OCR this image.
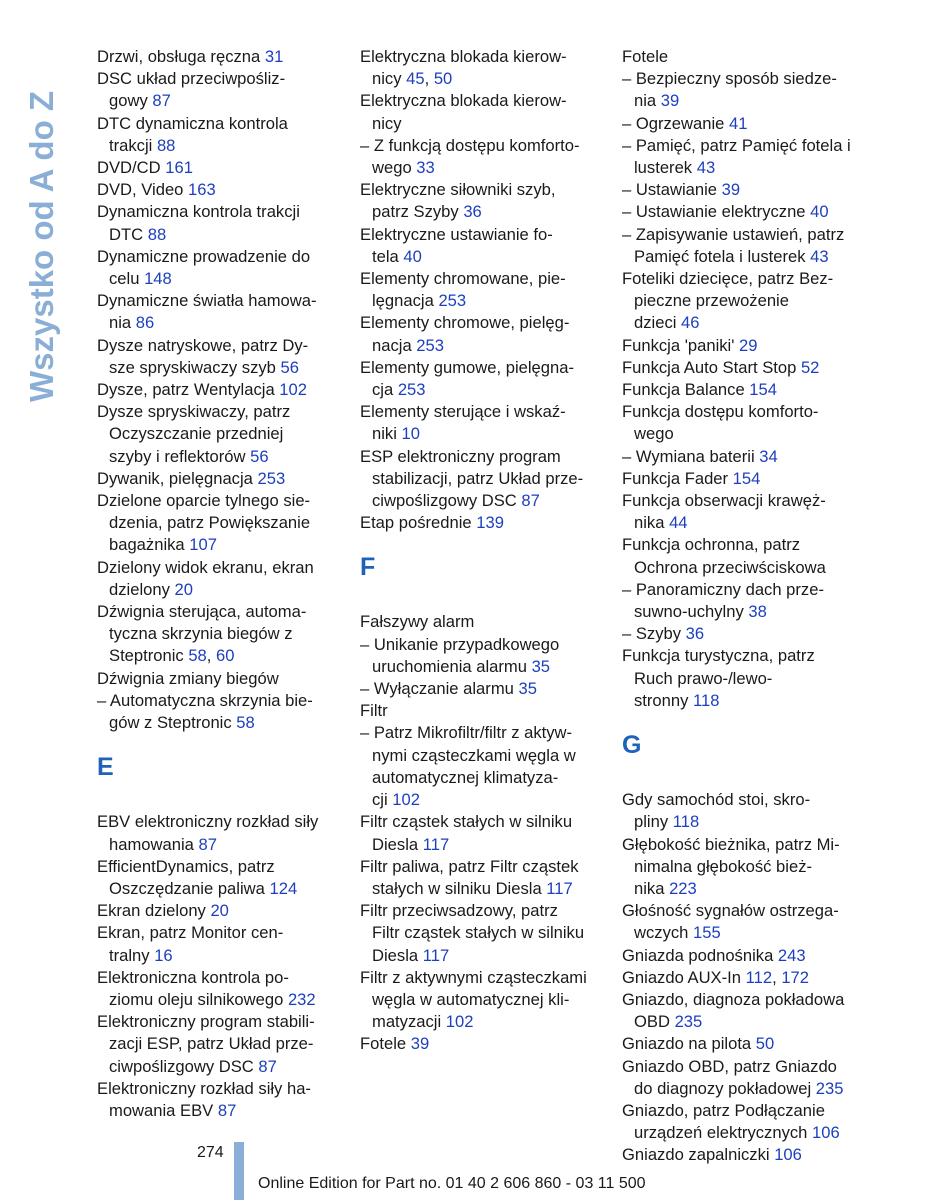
Wszystko od A do Z
Drzwi, obsługa ręczna 31
DSC układ przeciwpośliz-
gowy 87
DTC dynamiczna kontrola
trakcji 88
DVD/CD 161
DVD, Video 163
Dynamiczna kontrola trakcji
DTC 88
Dynamiczne prowadzenie do
celu 148
Dynamiczne światła hamowa-
nia 86
Dysze natryskowe, patrz Dy-
sze spryskiwaczy szyb 56
Dysze, patrz Wentylacja 102
Dysze spryskiwaczy, patrz
Oczyszczanie przedniej
szyby i reflektorów 56
Dywanik, pielęgnacja 253
Dzielone oparcie tylnego sie-
dzenia, patrz Powiększanie
bagażnika 107
Dzielony widok ekranu, ekran
dzielony 20
Dźwignia sterująca, automa-
tyczna skrzynia biegów z
Steptronic 58, 60
Dźwignia zmiany biegów
– Automatyczna skrzynia bie-
gów z Steptronic 58
E
EBV elektroniczny rozkład siły
hamowania 87
EfficientDynamics, patrz
Oszczędzanie paliwa 124
Ekran dzielony 20
Ekran, patrz Monitor cen-
tralny 16
Elektroniczna kontrola po-
ziomu oleju silnikowego 232
Elektroniczny program stabili-
zacji ESP, patrz Układ prze-
ciwpoślizgowy DSC 87
Elektroniczny rozkład siły ha-
mowania EBV 87
Elektryczna blokada kierow-
nicy 45, 50
Elektryczna blokada kierow-
nicy
– Z funkcją dostępu komforto-
wego 33
Elektryczne siłowniki szyb,
patrz Szyby 36
Elektryczne ustawianie fo-
tela 40
Elementy chromowane, pie-
lęgnacja 253
Elementy chromowe, pielęg-
nacja 253
Elementy gumowe, pielęgna-
cja 253
Elementy sterujące i wskaź-
niki 10
ESP elektroniczny program
stabilizacji, patrz Układ prze-
ciwpoślizgowy DSC 87
Etap pośrednie 139
F
Fałszywy alarm
– Unikanie przypadkowego
uruchomienia alarmu 35
– Wyłączanie alarmu 35
Filtr
– Patrz Mikrofiltr/filtr z aktyw-
nymi cząsteczkami węgla w
automatycznej klimatyza-
cji 102
Filtr cząstek stałych w silniku
Diesla 117
Filtr paliwa, patrz Filtr cząstek
stałych w silniku Diesla 117
Filtr przeciwsadzowy, patrz
Filtr cząstek stałych w silniku
Diesla 117
Filtr z aktywnymi cząsteczkami
węgla w automatycznej kli-
matyzacji 102
Fotele 39
Fotele
– Bezpieczny sposób siedze-
nia 39
– Ogrzewanie 41
– Pamięć, patrz Pamięć fotela i
lusterek 43
– Ustawianie 39
– Ustawianie elektryczne 40
– Zapisywanie ustawień, patrz
Pamięć fotela i lusterek 43
Foteliki dziecięce, patrz Bez-
pieczne przewożenie
dzieci 46
Funkcja 'paniki' 29
Funkcja Auto Start Stop 52
Funkcja Balance 154
Funkcja dostępu komforto-
wego
– Wymiana baterii 34
Funkcja Fader 154
Funkcja obserwacji krawęż-
nika 44
Funkcja ochronna, patrz
Ochrona przeciwściskowa
– Panoramiczny dach prze-
suwno-uchylny 38
– Szyby 36
Funkcja turystyczna, patrz
Ruch prawo-/lewo-
stronny 118
G
Gdy samochód stoi, skro-
pliny 118
Głębokość bieżnika, patrz Mi-
nimalna głębokość bież-
nika 223
Głośność sygnałów ostrzega-
wczych 155
Gniazda podnośnika 243
Gniazdo AUX-In 112, 172
Gniazdo, diagnoza pokładowa
OBD 235
Gniazdo na pilota 50
Gniazdo OBD, patrz Gniazdo
do diagnozy pokładowej 235
Gniazdo, patrz Podłączanie
urządzeń elektrycznych 106
Gniazdo zapalniczki 106
274
Online Edition for Part no. 01 40 2 606 860 - 03 11 500
